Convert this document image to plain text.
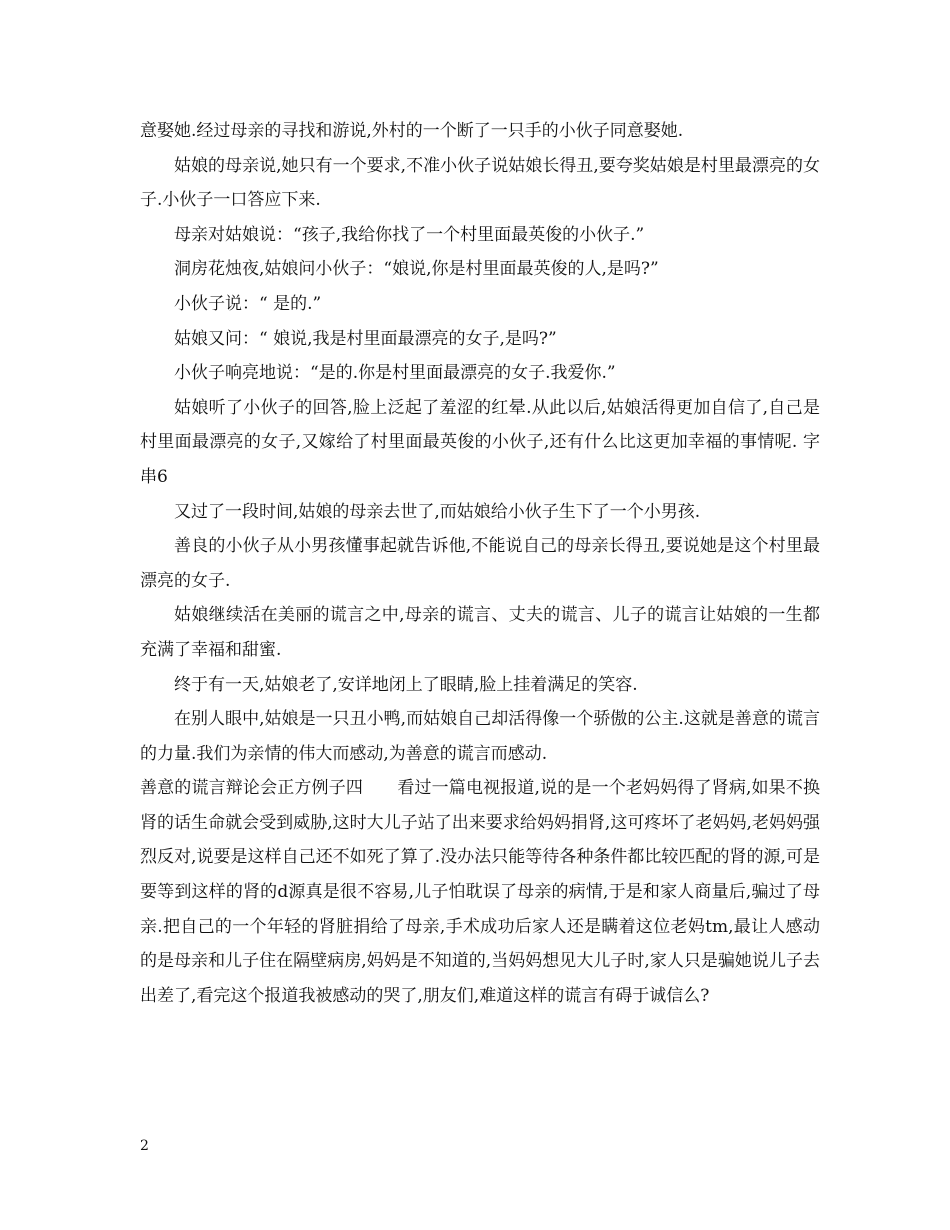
意娶她.经过母亲的寻找和游说,外村的一个断了一只手的小伙子同意娶她.

姑娘的母亲说,她只有一个要求,不准小伙子说姑娘长得丑,要夸奖姑娘是村里最漂亮的女子.小伙子一口答应下来.

母亲对姑娘说：“孩子,我给你找了一个村里面最英俊的小伙子.”

洞房花烛夜,姑娘问小伙子：“娘说,你是村里面最英俊的人,是吗?”

小伙子说：“ 是的.”

姑娘又问：“ 娘说,我是村里面最漂亮的女子,是吗?”

小伙子响亮地说：“是的.你是村里面最漂亮的女子.我爱你.”

姑娘听了小伙子的回答,脸上泛起了羞涩的红晕.从此以后,姑娘活得更加自信了,自己是村里面最漂亮的女子,又嫁给了村里面最英俊的小伙子,还有什么比这更加幸福的事情呢. 字串6

又过了一段时间,姑娘的母亲去世了,而姑娘给小伙子生下了一个小男孩.

善良的小伙子从小男孩懂事起就告诉他,不能说自己的母亲长得丑,要说她是这个村里最漂亮的女子.

姑娘继续活在美丽的谎言之中,母亲的谎言、丈夫的谎言、儿子的谎言让姑娘的一生都充满了幸福和甜蜜.

终于有一天,姑娘老了,安详地闭上了眼睛,脸上挂着满足的笑容.

在别人眼中,姑娘是一只丑小鸭,而姑娘自己却活得像一个骄傲的公主.这就是善意的谎言的力量.我们为亲情的伟大而感动,为善意的谎言而感动.

善意的谎言辩论会正方例子四　　看过一篇电视报道,说的是一个老妈妈得了肾病,如果不换肾的话生命就会受到威胁,这时大儿子站了出来要求给妈妈捐肾,这可疼坏了老妈妈,老妈妈强烈反对,说要是这样自己还不如死了算了.没办法只能等待各种条件都比较匹配的肾的源,可是要等到这样的肾的d源真是很不容易,儿子怕耽误了母亲的病情,于是和家人商量后,骗过了母亲.把自己的一个年轻的肾脏捐给了母亲,手术成功后家人还是瞒着这位老妈tm,最让人感动的是母亲和儿子住在隔壁病房,妈妈是不知道的,当妈妈想见大儿子时,家人只是骗她说儿子去出差了,看完这个报道我被感动的哭了,朋友们,难道这样的谎言有碍于诚信么?

2
